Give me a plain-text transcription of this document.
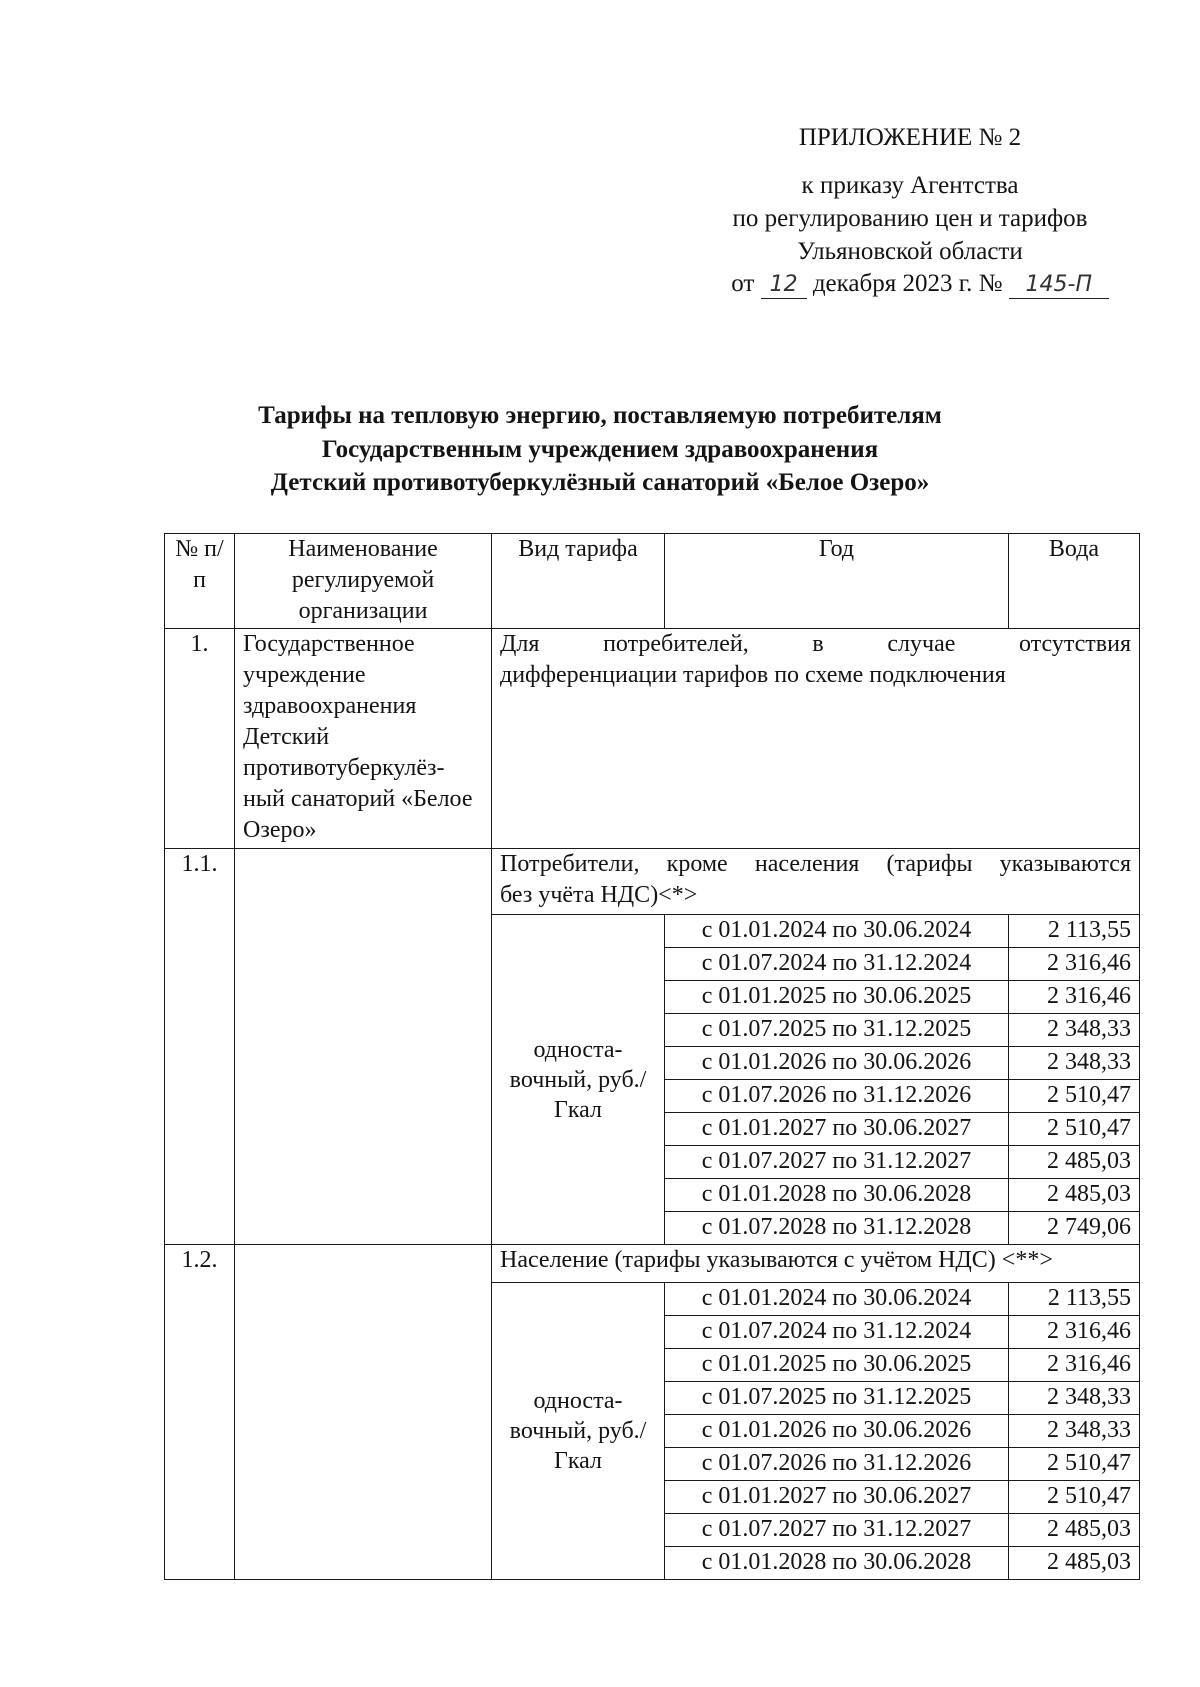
ПРИЛОЖЕНИЕ № 2
к приказу Агентства
по регулированию цен и тарифов
Ульяновской области
от 12 декабря 2023 г. № 145-П
Тарифы на тепловую энергию, поставляемую потребителям
Государственным учреждением здравоохранения
Детский противотуберкулёзный санаторий «Белое Озеро»
№ п/п	Наименование регулируемой организации	Вид тарифа	Год	Вода
1.	Государственное учреждение здравоохранения Детский противотуберкулёз-ный санаторий «Белое Озеро»	Для потребителей, в случае отсутствия
дифференциации тарифов по схеме подключения		

1.1.		Потребители, кроме населения (тарифы указываются
без учёта НДС)<*>		

		односта-вочный, руб./Гкал	с 01.01.2024 по 30.06.2024	2 113,55
			с 01.07.2024 по 31.12.2024	2 316,46
			с 01.01.2025 по 30.06.2025	2 316,46
			с 01.07.2025 по 31.12.2025	2 348,33
			с 01.01.2026 по 30.06.2026	2 348,33
			с 01.07.2026 по 31.12.2026	2 510,47
			с 01.01.2027 по 30.06.2027	2 510,47
			с 01.07.2027 по 31.12.2027	2 485,03
			с 01.01.2028 по 30.06.2028	2 485,03
			с 01.07.2028 по 31.12.2028	2 749,06
1.2.		Население (тарифы указываются с учётом НДС) <**>		
		односта-вочный, руб./Гкал	с 01.01.2024 по 30.06.2024	2 113,55
			с 01.07.2024 по 31.12.2024	2 316,46
			с 01.01.2025 по 30.06.2025	2 316,46
			с 01.07.2025 по 31.12.2025	2 348,33
			с 01.01.2026 по 30.06.2026	2 348,33
			с 01.07.2026 по 31.12.2026	2 510,47
			с 01.01.2027 по 30.06.2027	2 510,47
			с 01.07.2027 по 31.12.2027	2 485,03
			с 01.01.2028 по 30.06.2028	2 485,03
